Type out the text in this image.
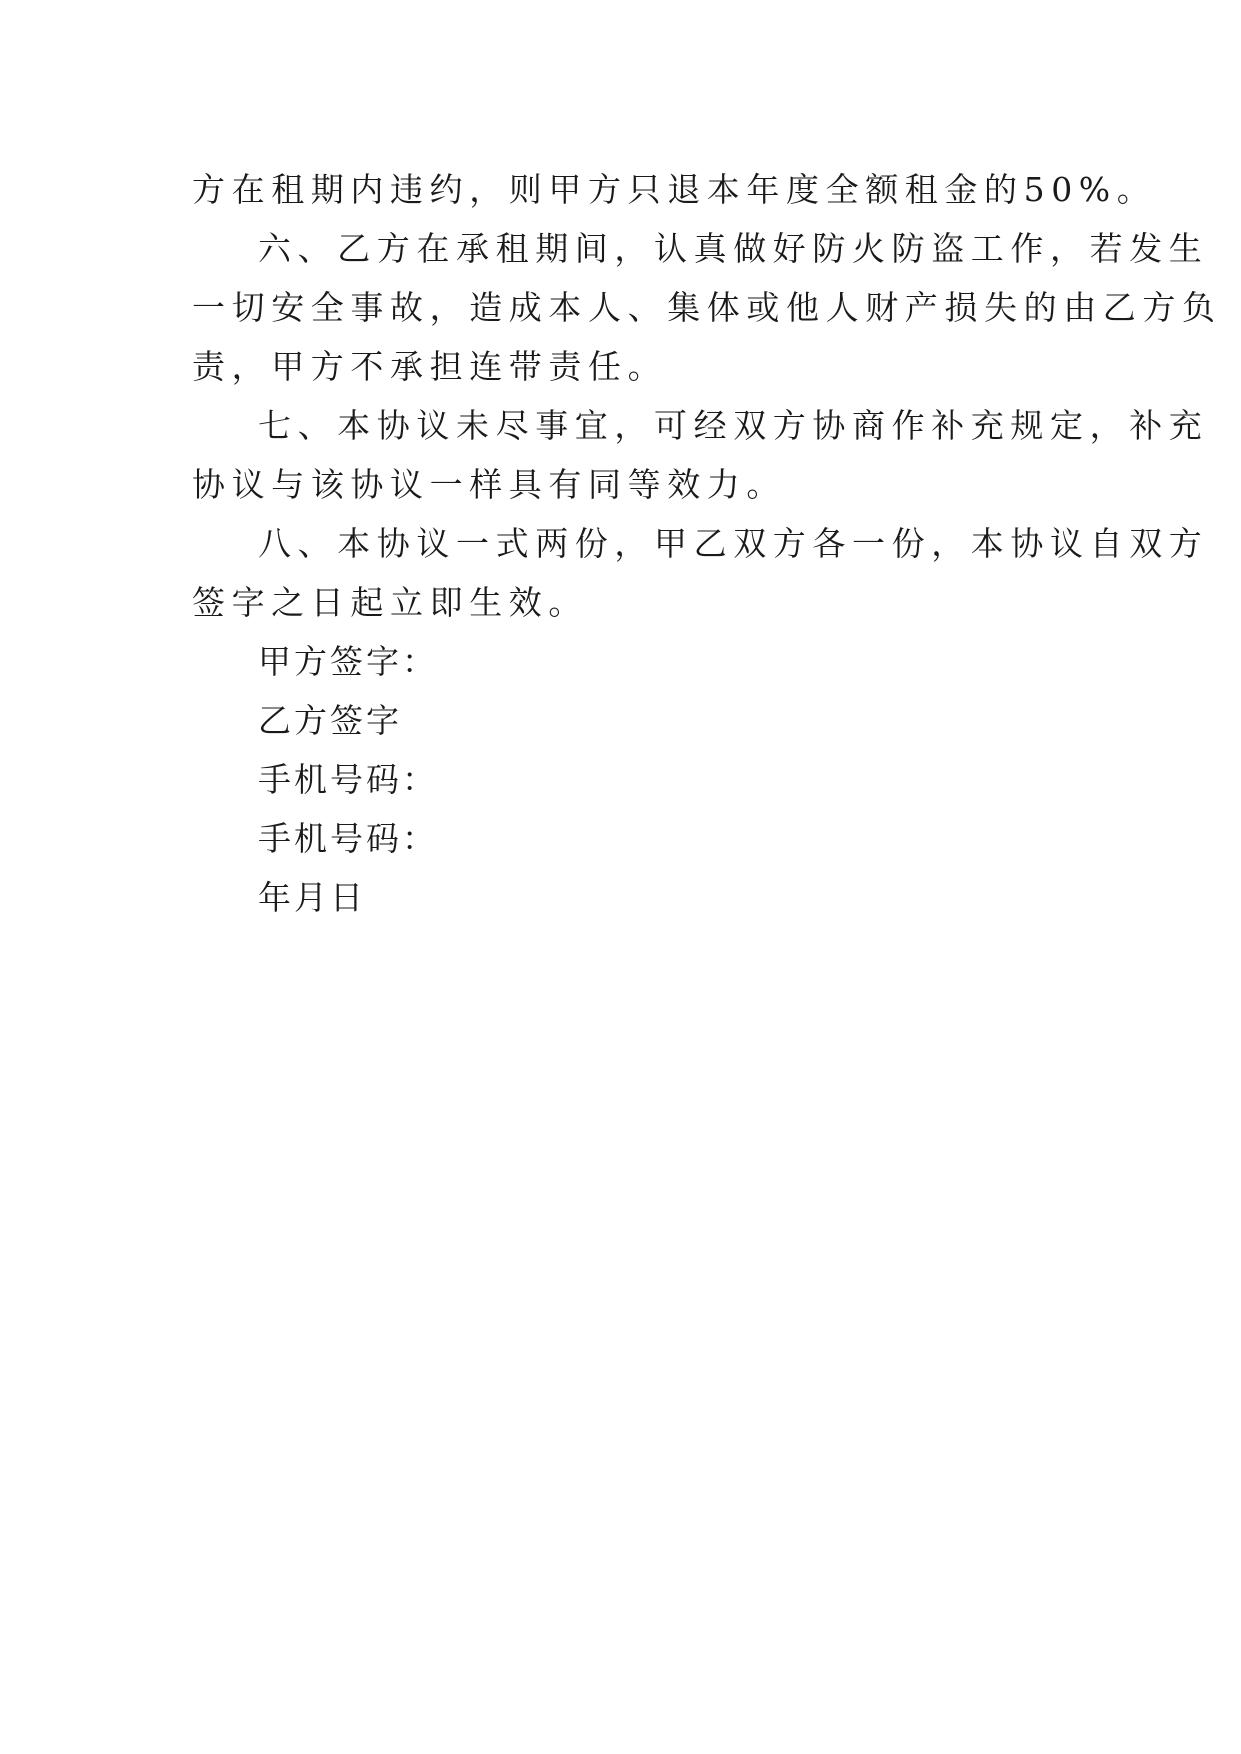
方在租期内违约，则甲方只退本年度全额租金的50%。
六、乙方在承租期间，认真做好防火防盗工作，若发生
一切安全事故，造成本人、集体或他人财产损失的由乙方负
责，甲方不承担连带责任。
七、本协议未尽事宜，可经双方协商作补充规定，补充
协议与该协议一样具有同等效力。
八、本协议一式两份，甲乙双方各一份，本协议自双方
签字之日起立即生效。
甲方签字：
乙方签字
手机号码：
手机号码：
年月日
